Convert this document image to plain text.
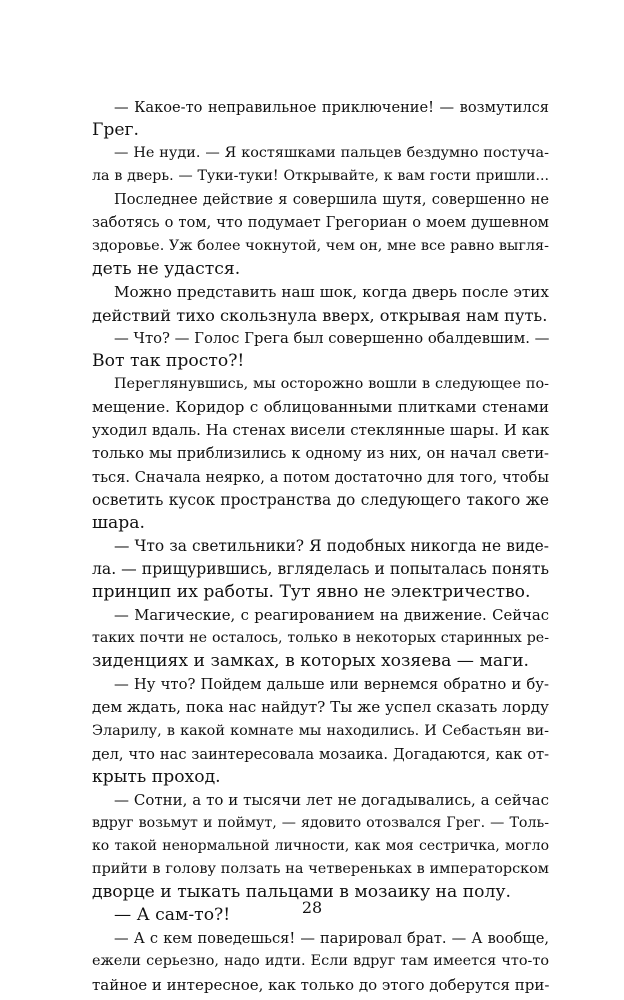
— Какое-то неправильное приключение! — возмутился
Грег.
— Не нуди. — Я костяшками пальцев бездумно постуча-
ла в дверь. — Туки-туки! Открывайте, к вам гости пришли...
Последнее действие я совершила шутя, совершенно не
заботясь о том, что подумает Грегориан о моем душевном
здоровье. Уж более чокнутой, чем он, мне все равно выгля-
деть не удастся.
Можно представить наш шок, когда дверь после этих
действий тихо скользнула вверх, открывая нам путь.
— Что? — Голос Грега был совершенно обалдевшим. —
Вот так просто?!
Переглянувшись, мы осторожно вошли в следующее по-
мещение. Коридор с облицованными плитками стенами
уходил вдаль. На стенах висели стеклянные шары. И как
только мы приблизились к одному из них, он начал свети-
ться. Сначала неярко, а потом достаточно для того, чтобы
осветить кусок пространства до следующего такого же
шара.
— Что за светильники? Я подобных никогда не виде-
ла. — прищурившись, вгляделась и попыталась понять
принцип их работы. Тут явно не электричество.
— Магические, с реагированием на движение. Сейчас
таких почти не осталось, только в некоторых старинных ре-
зиденциях и замках, в которых хозяева — маги.
— Ну что? Пойдем дальше или вернемся обратно и бу-
дем ждать, пока нас найдут? Ты же успел сказать лорду
Эларилу, в какой комнате мы находились. И Себастьян ви-
дел, что нас заинтересовала мозаика. Догадаются, как от-
крыть проход.
— Сотни, а то и тысячи лет не догадывались, а сейчас
вдруг возьмут и поймут, — ядовито отозвался Грег. — Толь-
ко такой ненормальной личности, как моя сестричка, могло
прийти в голову ползать на четвереньках в императорском
дворце и тыкать пальцами в мозаику на полу.
— А сам-то?!
— А с кем поведешься! — парировал брат. — А вообще,
ежели серьезно, надо идти. Если вдруг там имеется что-то
тайное и интересное, как только до этого доберутся при-
28
